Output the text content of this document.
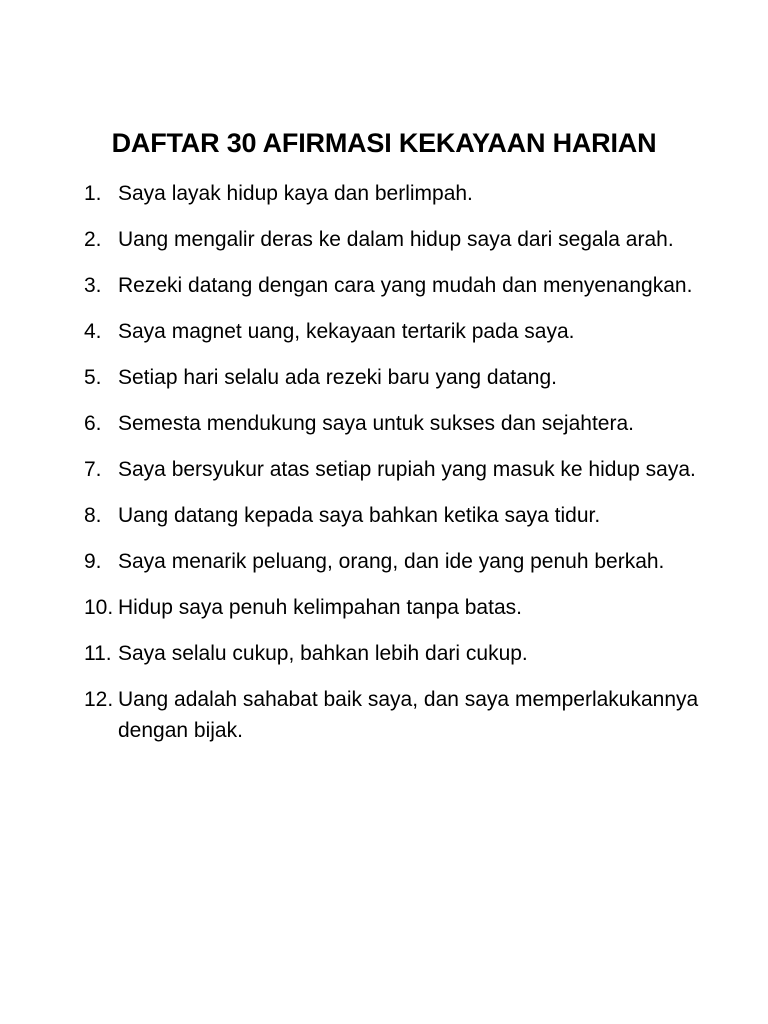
DAFTAR 30 AFIRMASI KEKAYAAN HARIAN
1. Saya layak hidup kaya dan berlimpah.
2. Uang mengalir deras ke dalam hidup saya dari segala arah.
3. Rezeki datang dengan cara yang mudah dan menyenangkan.
4. Saya magnet uang, kekayaan tertarik pada saya.
5. Setiap hari selalu ada rezeki baru yang datang.
6. Semesta mendukung saya untuk sukses dan sejahtera.
7. Saya bersyukur atas setiap rupiah yang masuk ke hidup saya.
8. Uang datang kepada saya bahkan ketika saya tidur.
9. Saya menarik peluang, orang, dan ide yang penuh berkah.
10. Hidup saya penuh kelimpahan tanpa batas.
11. Saya selalu cukup, bahkan lebih dari cukup.
12. Uang adalah sahabat baik saya, dan saya memperlakukannya dengan bijak.
